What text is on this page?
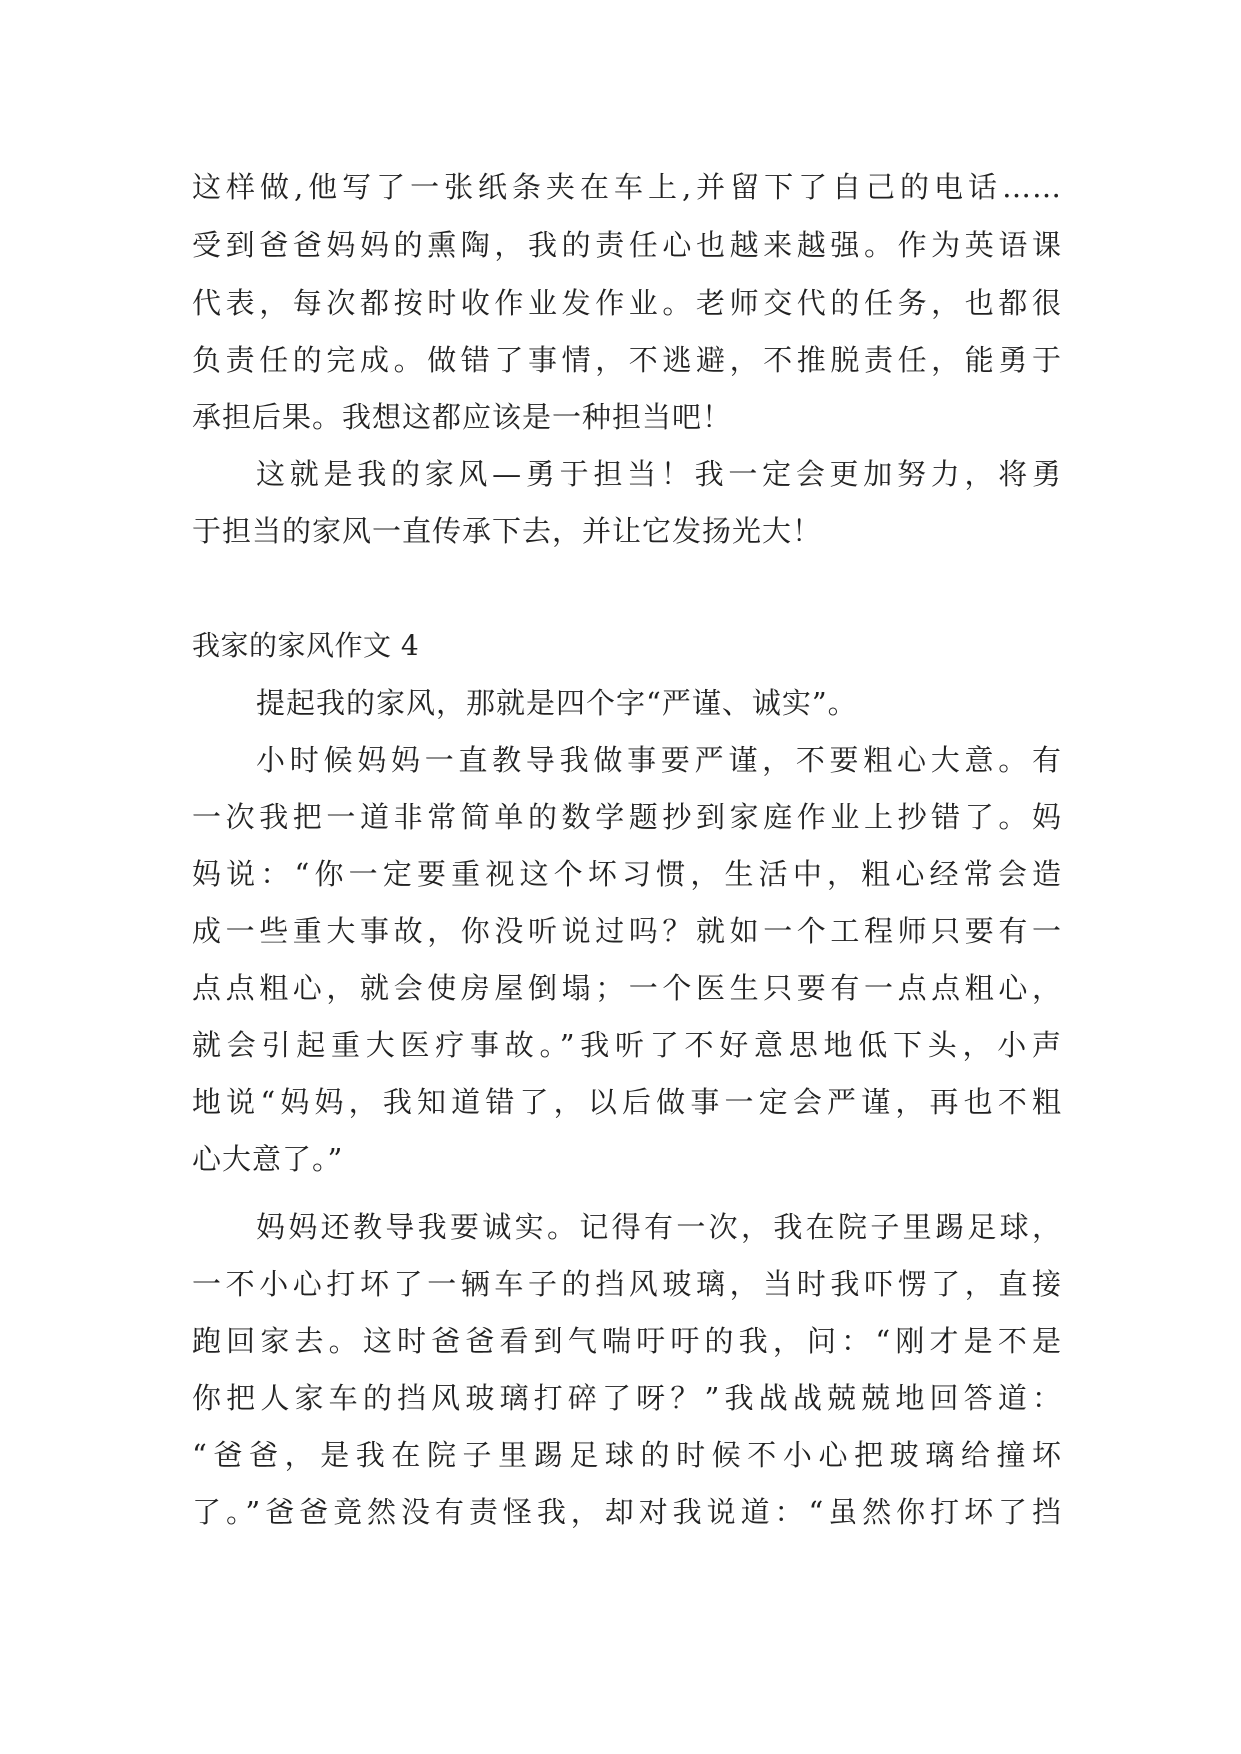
这样做,他写了一张纸条夹在车上,并留下了自己的电话……
受到爸爸妈妈的熏陶，我的责任心也越来越强。作为英语课
代表，每次都按时收作业发作业。老师交代的任务，也都很
负责任的完成。做错了事情，不逃避，不推脱责任，能勇于
承担后果。我想这都应该是一种担当吧！
这就是我的家风—勇于担当！我一定会更加努力，将勇
于担当的家风一直传承下去，并让它发扬光大！
我家的家风作文 4
提起我的家风，那就是四个字“严谨、诚实”。
小时候妈妈一直教导我做事要严谨，不要粗心大意。有
一次我把一道非常简单的数学题抄到家庭作业上抄错了。妈
妈说：“你一定要重视这个坏习惯，生活中，粗心经常会造
成一些重大事故，你没听说过吗？就如一个工程师只要有一
点点粗心，就会使房屋倒塌；一个医生只要有一点点粗心，
就会引起重大医疗事故。”我听了不好意思地低下头，小声
地说“妈妈，我知道错了，以后做事一定会严谨，再也不粗
心大意了。”
妈妈还教导我要诚实。记得有一次，我在院子里踢足球，
一不小心打坏了一辆车子的挡风玻璃，当时我吓愣了，直接
跑回家去。这时爸爸看到气喘吁吁的我，问：“刚才是不是
你把人家车的挡风玻璃打碎了呀？”我战战兢兢地回答道：
“爸爸，是我在院子里踢足球的时候不小心把玻璃给撞坏
了。”爸爸竟然没有责怪我，却对我说道：“虽然你打坏了挡
